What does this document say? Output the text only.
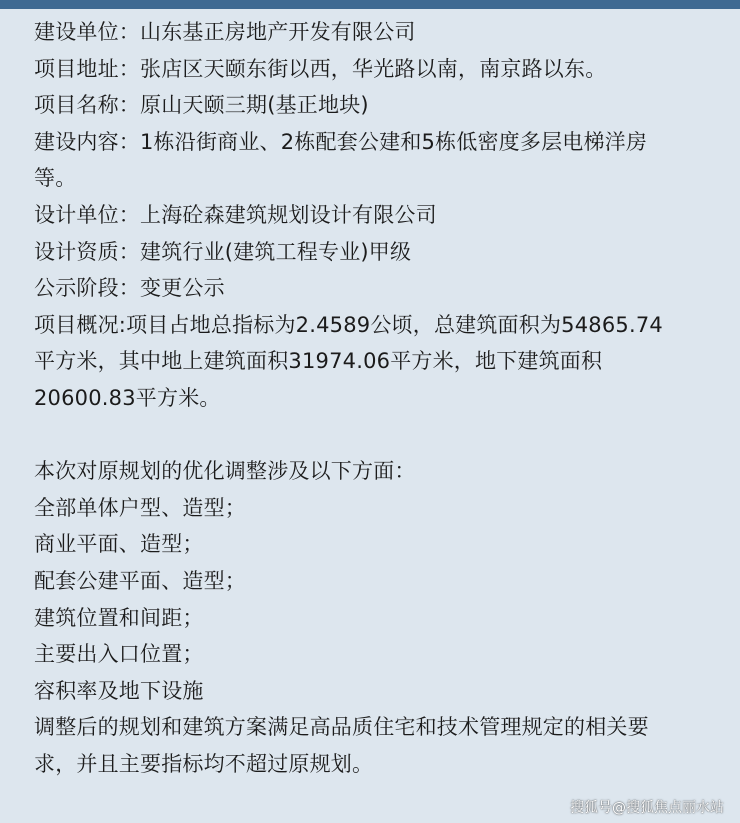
建设单位：山东基正房地产开发有限公司
项目地址：张店区天颐东街以西，华光路以南，南京路以东。
项目名称：原山天颐三期(基正地块)
建设内容：1栋沿街商业、2栋配套公建和5栋低密度多层电梯洋房
等。
设计单位：上海砼森建筑规划设计有限公司
设计资质：建筑行业(建筑工程专业)甲级
公示阶段：变更公示
项目概况:项目占地总指标为2.4589公顷，总建筑面积为54865.74
平方米，其中地上建筑面积31974.06平方米，地下建筑面积
20600.83平方米。
本次对原规划的优化调整涉及以下方面：
全部单体户型、造型；
商业平面、造型；
配套公建平面、造型；
建筑位置和间距；
主要出入口位置；
容积率及地下设施
调整后的规划和建筑方案满足高品质住宅和技术管理规定的相关要
求，并且主要指标均不超过原规划。
搜狐号@搜狐焦点丽水站
